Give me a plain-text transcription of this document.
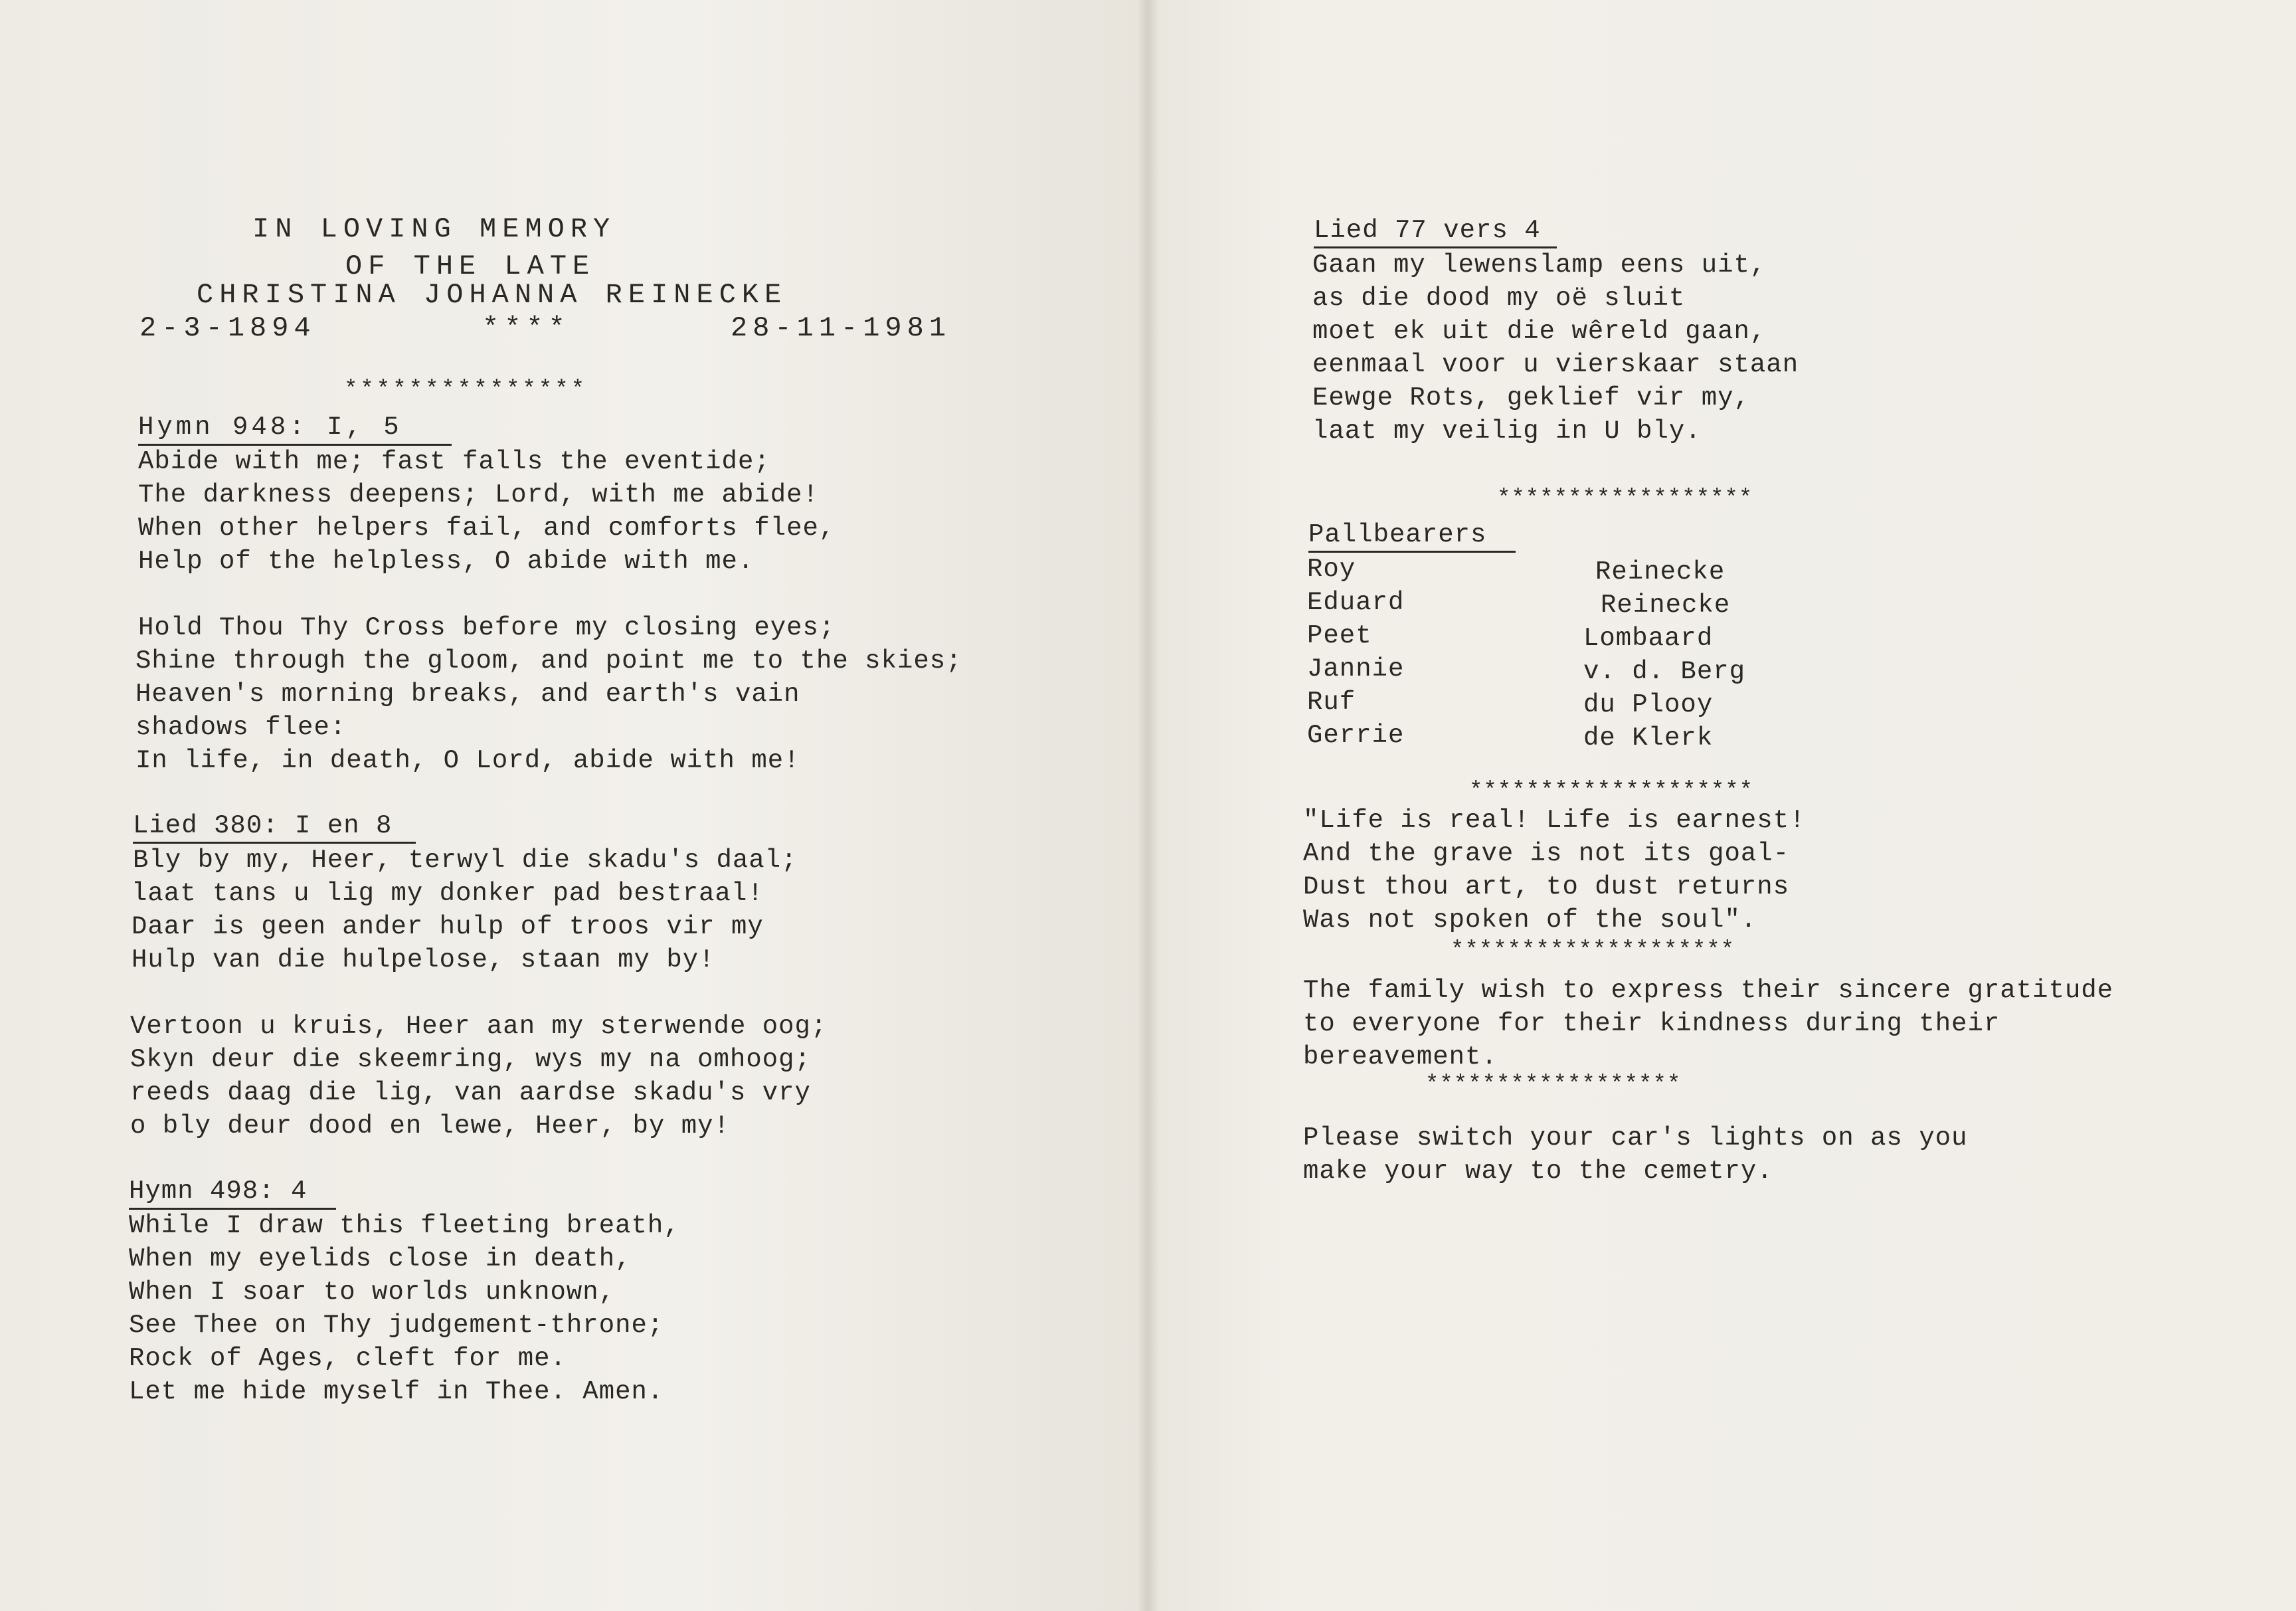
IN LOVING MEMORY
OF THE LATE
CHRISTINA JOHANNA REINECKE
2-3-1894	****	28-11-1981
***************
Hymn 948: I, 5
Abide with me; fast falls the eventide;
The darkness deepens; Lord, with me abide!
When other helpers fail, and comforts flee,
Help of the helpless, O abide with me.
Hold Thou Thy Cross before my closing eyes;
Shine through the gloom, and point me to the skies;
Heaven's morning breaks, and earth's vain
shadows flee:
In life, in death, O Lord, abide with me!
Lied 380: I en 8
Bly by my, Heer, terwyl die skadu's daal;
laat tans u lig my donker pad bestraal!
Daar is geen ander hulp of troos vir my
Hulp van die hulpelose, staan my by!
Vertoon u kruis, Heer aan my sterwende oog;
Skyn deur die skeemring, wys my na omhoog;
reeds daag die lig, van aardse skadu's vry
o bly deur dood en lewe, Heer, by my!
Hymn 498: 4
While I draw this fleeting breath,
When my eyelids close in death,
When I soar to worlds unknown,
See Thee on Thy judgement-throne;
Rock of Ages, cleft for me.
Let me hide myself in Thee. Amen.
Lied 77 vers 4
Gaan my lewenslamp eens uit,
as die dood my oë sluit
moet ek uit die wêreld gaan,
eenmaal voor u vierskaar staan
Eewge Rots, geklief vir my,
laat my veilig in U bly.
******************
Pallbearers
Roy	Reinecke
Eduard	Reinecke
Peet	Lombaard
Jannie	v. d. Berg
Ruf	du Plooy
Gerrie	de Klerk
********************
"Life is real! Life is earnest!
And the grave is not its goal-
Dust thou art, to dust returns
Was not spoken of the soul".
********************
The family wish to express their sincere gratitude
to everyone for their kindness during their
bereavement.
******************
Please switch your car's lights on as you
make your way to the cemetry.
